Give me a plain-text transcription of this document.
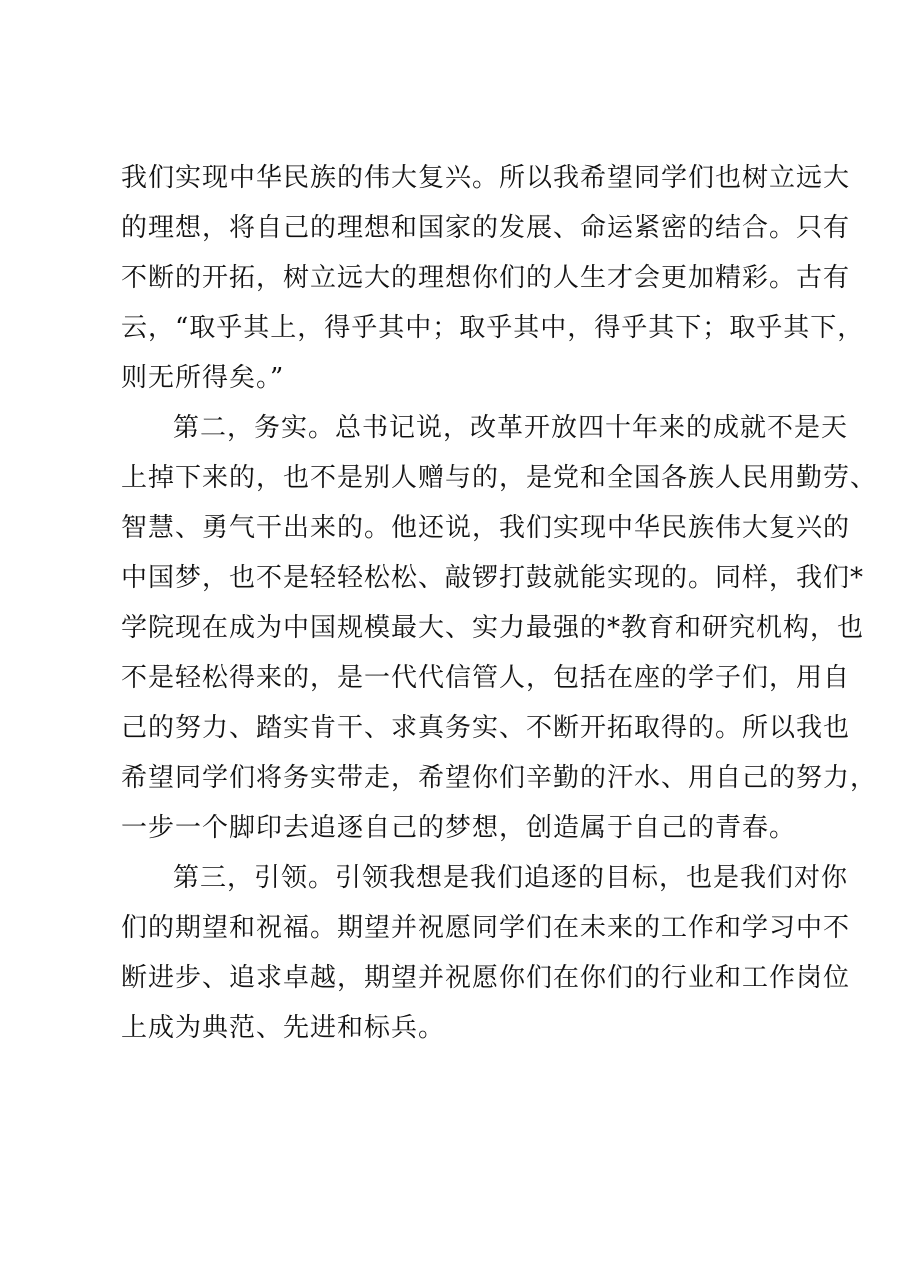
我们实现中华民族的伟大复兴。所以我希望同学们也树立远大
的理想，将自己的理想和国家的发展、命运紧密的结合。只有
不断的开拓，树立远大的理想你们的人生才会更加精彩。古有
云，“取乎其上，得乎其中；取乎其中，得乎其下；取乎其下，
则无所得矣。”
第二，务实。总书记说，改革开放四十年来的成就不是天
上掉下来的，也不是别人赠与的，是党和全国各族人民用勤劳、
智慧、勇气干出来的。他还说，我们实现中华民族伟大复兴的
中国梦，也不是轻轻松松、敲锣打鼓就能实现的。同样，我们*
学院现在成为中国规模最大、实力最强的*教育和研究机构，也
不是轻松得来的，是一代代信管人，包括在座的学子们，用自
己的努力、踏实肯干、求真务实、不断开拓取得的。所以我也
希望同学们将务实带走，希望你们辛勤的汗水、用自己的努力，
一步一个脚印去追逐自己的梦想，创造属于自己的青春。
第三，引领。引领我想是我们追逐的目标，也是我们对你
们的期望和祝福。期望并祝愿同学们在未来的工作和学习中不
断进步、追求卓越，期望并祝愿你们在你们的行业和工作岗位
上成为典范、先进和标兵。
